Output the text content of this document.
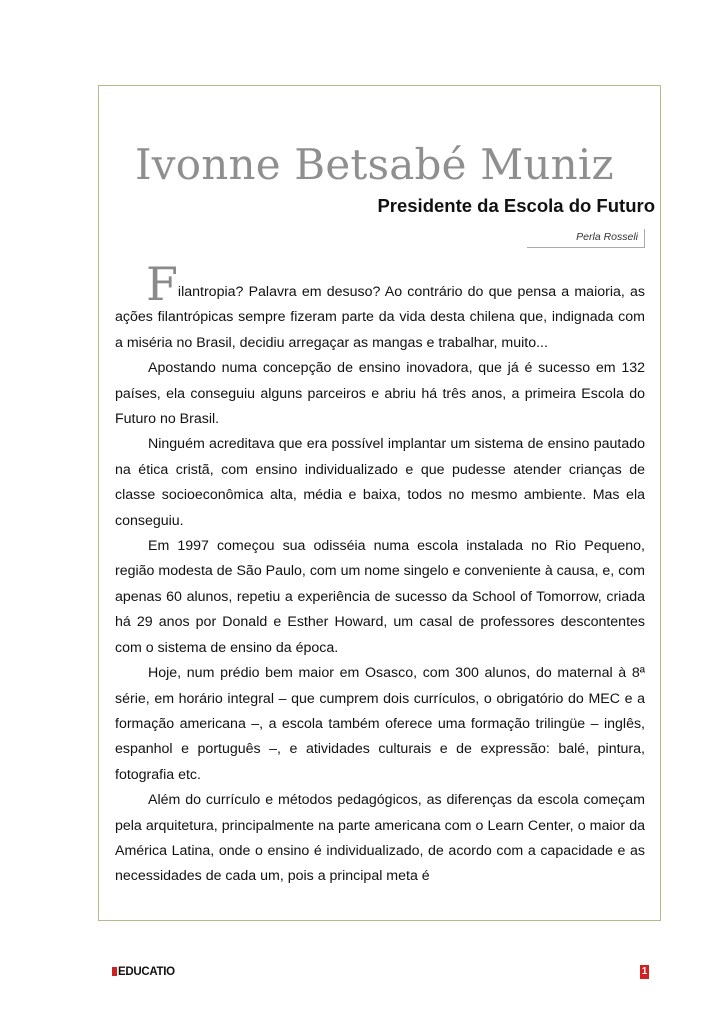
Ivonne Betsabé Muniz
Presidente da Escola do Futuro
Perla Rosseli

Filantropia? Palavra em desuso? Ao contrário do que pensa a maioria, as ações filantrópicas sempre fizeram parte da vida desta chilena que, indignada com a miséria no Brasil, decidiu arregaçar as mangas e trabalhar, muito...

Apostando numa concepção de ensino inovadora, que já é sucesso em 132 países, ela conseguiu alguns parceiros e abriu há três anos, a primeira Escola do Futuro no Brasil.

Ninguém acreditava que era possível implantar um sistema de ensino pautado na ética cristã, com ensino individualizado e que pudesse atender crianças de classe socioeconômica alta, média e baixa, todos no mesmo ambiente. Mas ela conseguiu.

Em 1997 começou sua odisséia numa escola instalada no Rio Pequeno, região modesta de São Paulo, com um nome singelo e conveniente à causa, e, com apenas 60 alunos, repetiu a experiência de sucesso da School of Tomorrow, criada há 29 anos por Donald e Esther Howard, um casal de professores descontentes com o sistema de ensino da época.

Hoje, num prédio bem maior em Osasco, com 300 alunos, do maternal à 8ª série, em horário integral – que cumprem dois currículos, o obrigatório do MEC e a formação americana –, a escola também oferece uma formação trilingüe – inglês, espanhol e português –, e atividades culturais e de expressão: balé, pintura, fotografia etc.

Além do currículo e métodos pedagógicos, as diferenças da escola começam pela arquitetura, principalmente na parte americana com o Learn Center, o maior da América Latina, onde o ensino é individualizado, de acordo com a capacidade e as necessidades de cada um, pois a principal meta é

EDUCATIO	1
